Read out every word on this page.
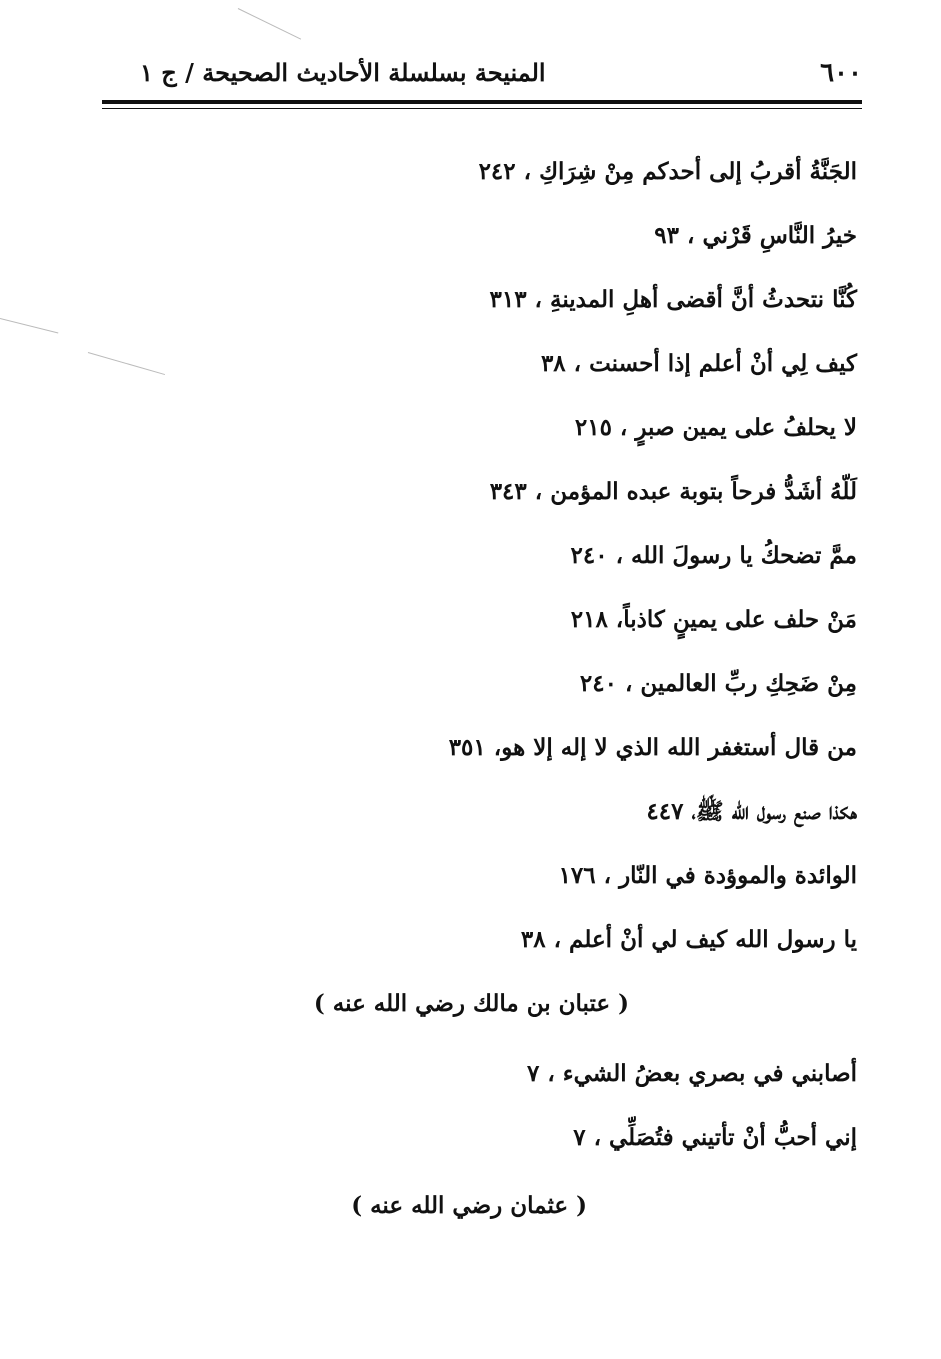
٦٠٠
المنيحة بسلسلة الأحاديث الصحيحة / ج ١
الجَنَّةُ أقربُ إلى أحدكم مِنْ شِرَاكِ ، ٢٤٢
خيرُ النَّاسِ قَرْني ، ٩٣
كُنَّا نتحدثُ أنَّ أقضى أهلِ المدينةِ ، ٣١٣
كيف لِي أنْ أعلم إذا أحسنت ، ٣٨
لا يحلفُ على يمين صبرٍ ، ٢١٥
لَلّهُ أشَدُّ فرحاً بتوبة عبده المؤمن ، ٣٤٣
ممَّ تضحكُ يا رسولَ الله ، ٢٤٠
مَنْ حلف على يمينٍ كاذباً، ٢١٨
مِنْ ضَحِكِ ربِّ العالمين ، ٢٤٠
من قال أستغفر الله الذي لا إله إلا هو، ٣٥١
هكذا صنع رسول الله ﷺ، ٤٤٧
الوائدة والموؤدة في النّار ، ١٧٦
يا رسول الله كيف لي أنْ أعلم ، ٣٨
( عتبان بن مالك رضي الله عنه )
أصابني في بصري بعضُ الشيء ، ٧
إني أحبُّ أنْ تأتيني فتُصَلِّي ، ٧
( عثمان رضي الله عنه )
